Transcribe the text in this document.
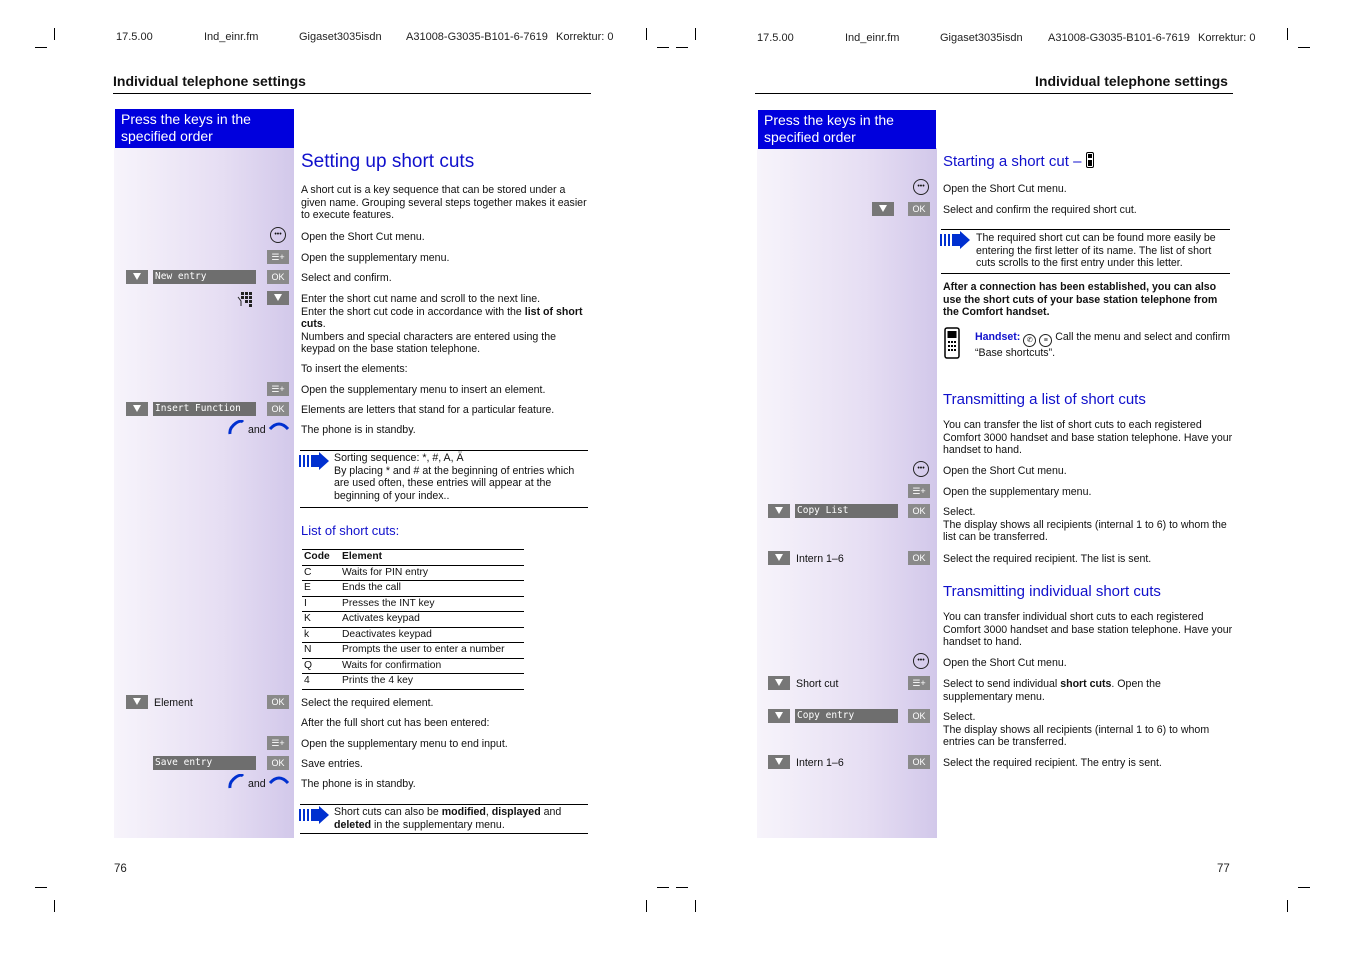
17.5.00	Ind_einr.fm	Gigaset3035isdn A31008-G3035-B101-6-7619 Korrektur: 0
Individual telephone settings
Press the keys in the specified order
Setting up short cuts
A short cut is a key sequence that can be stored under a given name. Grouping several steps together makes it easier to execute features.
•••	Open the Short Cut menu.
☰+	Open the supplementary menu.
New entry	OK	Select and confirm.
Enter the short cut name and scroll to the next line.
Enter the short cut code in accordance with the list of short cuts.
Numbers and special characters are entered using the keypad on the base station telephone.
To insert the elements:
☰+	Open the supplementary menu to insert an element.
Insert Function	OK	Elements are letters that stand for a particular feature.
and	The phone is in standby.
Sorting sequence: *, #, A, Ä
By placing * and # at the beginning of entries which are used often, these entries will appear at the beginning of your index..
List of short cuts:
Code	Element
C	Waits for PIN entry
E	Ends the call
I	Presses the INT key
K	Activates keypad
k	Deactivates keypad
N	Prompts the user to enter a number
Q	Waits for confirmation
4	Prints the 4 key
Element	OK	Select the required element.
After the full short cut has been entered:
☰+	Open the supplementary menu to end input.
Save entry	OK	Save entries.
and	The phone is in standby.
Short cuts can also be modified, displayed and deleted in the supplementary menu.
76
17.5.00	Ind_einr.fm	Gigaset3035isdn A31008-G3035-B101-6-7619 Korrektur: 0
Individual telephone settings
Press the keys in the specified order
Starting a short cut –
•••	Open the Short Cut menu.
OK	Select and confirm the required short cut.
The required short cut can be found more easily be entering the first letter of its name. The list of short cuts scrolls to the first entry under this letter.
After a connection has been established, you can also use the short cuts of your base station telephone from the Comfort handset.
Handset: ✆ ≡ Call the menu and select and confirm “Base shortcuts”.
Transmitting a list of short cuts
You can transfer the list of short cuts to each registered Comfort 3000 handset and base station telephone. Have your handset to hand.
•••	Open the Short Cut menu.
☰+	Open the supplementary menu.
Copy List	OK	Select.
The display shows all recipients (internal 1 to 6) to whom the list can be transferred.
Intern 1–6	OK	Select the required recipient. The list is sent.
Transmitting individual short cuts
You can transfer individual short cuts to each registered Comfort 3000 handset and base station telephone. Have your handset to hand.
•••	Open the Short Cut menu.
Short cut	☰+	Select to send individual short cuts. Open the supplementary menu.
Copy entry	OK	Select.
The display shows all recipients (internal 1 to 6) to whom entries can be transferred.
Intern 1–6	OK	Select the required recipient. The entry is sent.
77
